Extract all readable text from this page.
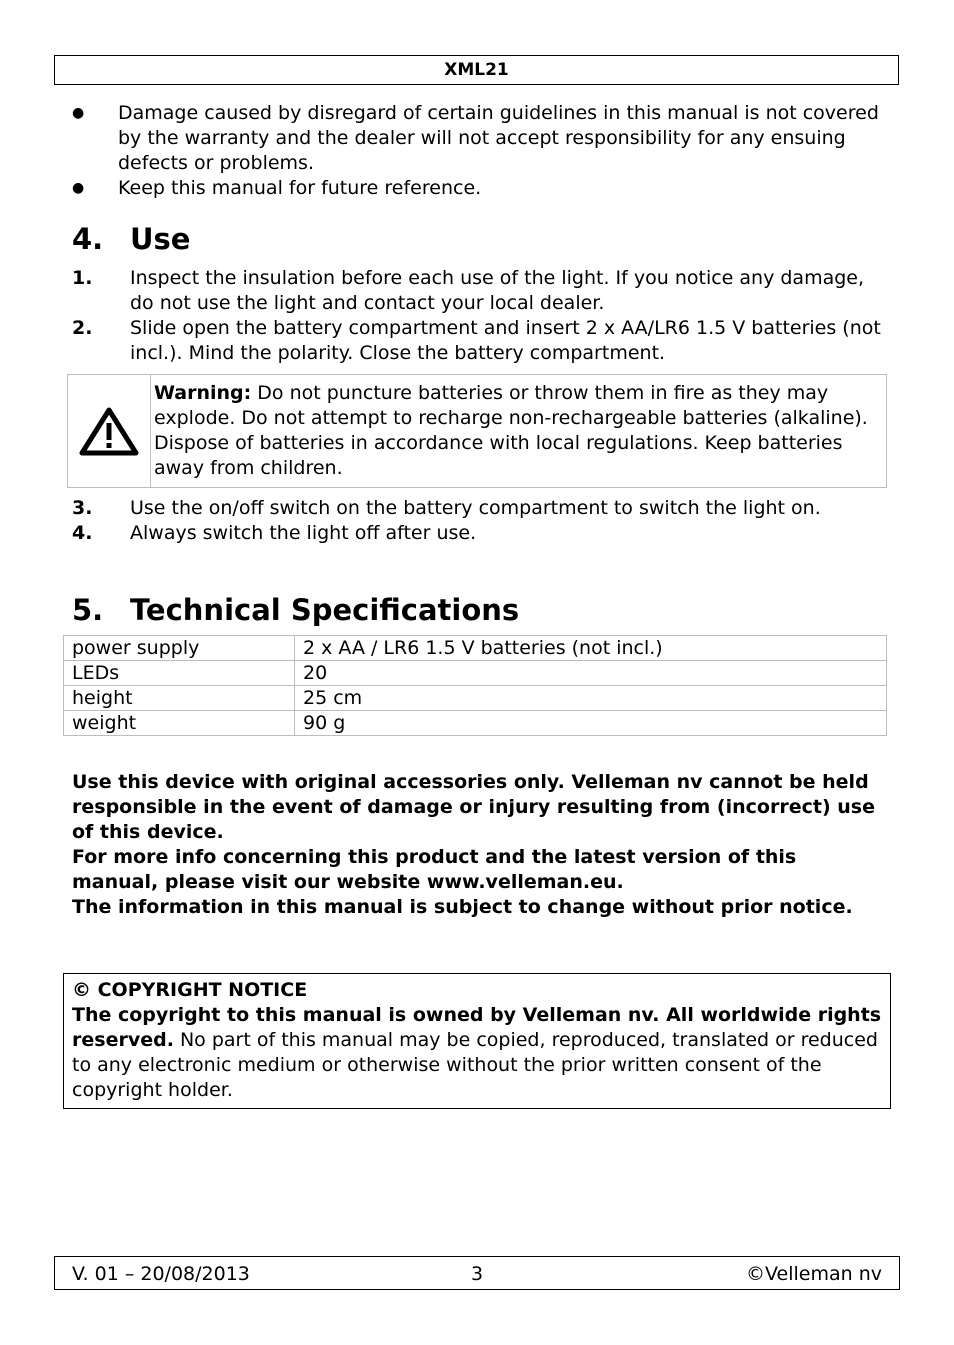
XML21
● Damage caused by disregard of certain guidelines in this manual is not covered by the warranty and the dealer will not accept responsibility for any ensuing defects or problems.
● Keep this manual for future reference.
4. Use
1. Inspect the insulation before each use of the light. If you notice any damage, do not use the light and contact your local dealer.
2. Slide open the battery compartment and insert 2 x AA/LR6 1.5 V batteries (not incl.). Mind the polarity. Close the battery compartment.
Warning: Do not puncture batteries or throw them in fire as they may explode. Do not attempt to recharge non-rechargeable batteries (alkaline). Dispose of batteries in accordance with local regulations. Keep batteries away from children.
3. Use the on/off switch on the battery compartment to switch the light on.
4. Always switch the light off after use.
5. Technical Specifications
power supply	2 x AA / LR6 1.5 V batteries (not incl.)
LEDs	20
height	25 cm
weight	90 g

Use this device with original accessories only. Velleman nv cannot be held responsible in the event of damage or injury resulting from (incorrect) use of this device.

For more info concerning this product and the latest version of this manual, please visit our website www.velleman.eu.

The information in this manual is subject to change without prior notice.

© COPYRIGHT NOTICE

The copyright to this manual is owned by Velleman nv. All worldwide rights reserved. No part of this manual may be copied, reproduced, translated or reduced to any electronic medium or otherwise without the prior written consent of the copyright holder.

V. 01 – 20/08/2013	3	©Velleman nv
